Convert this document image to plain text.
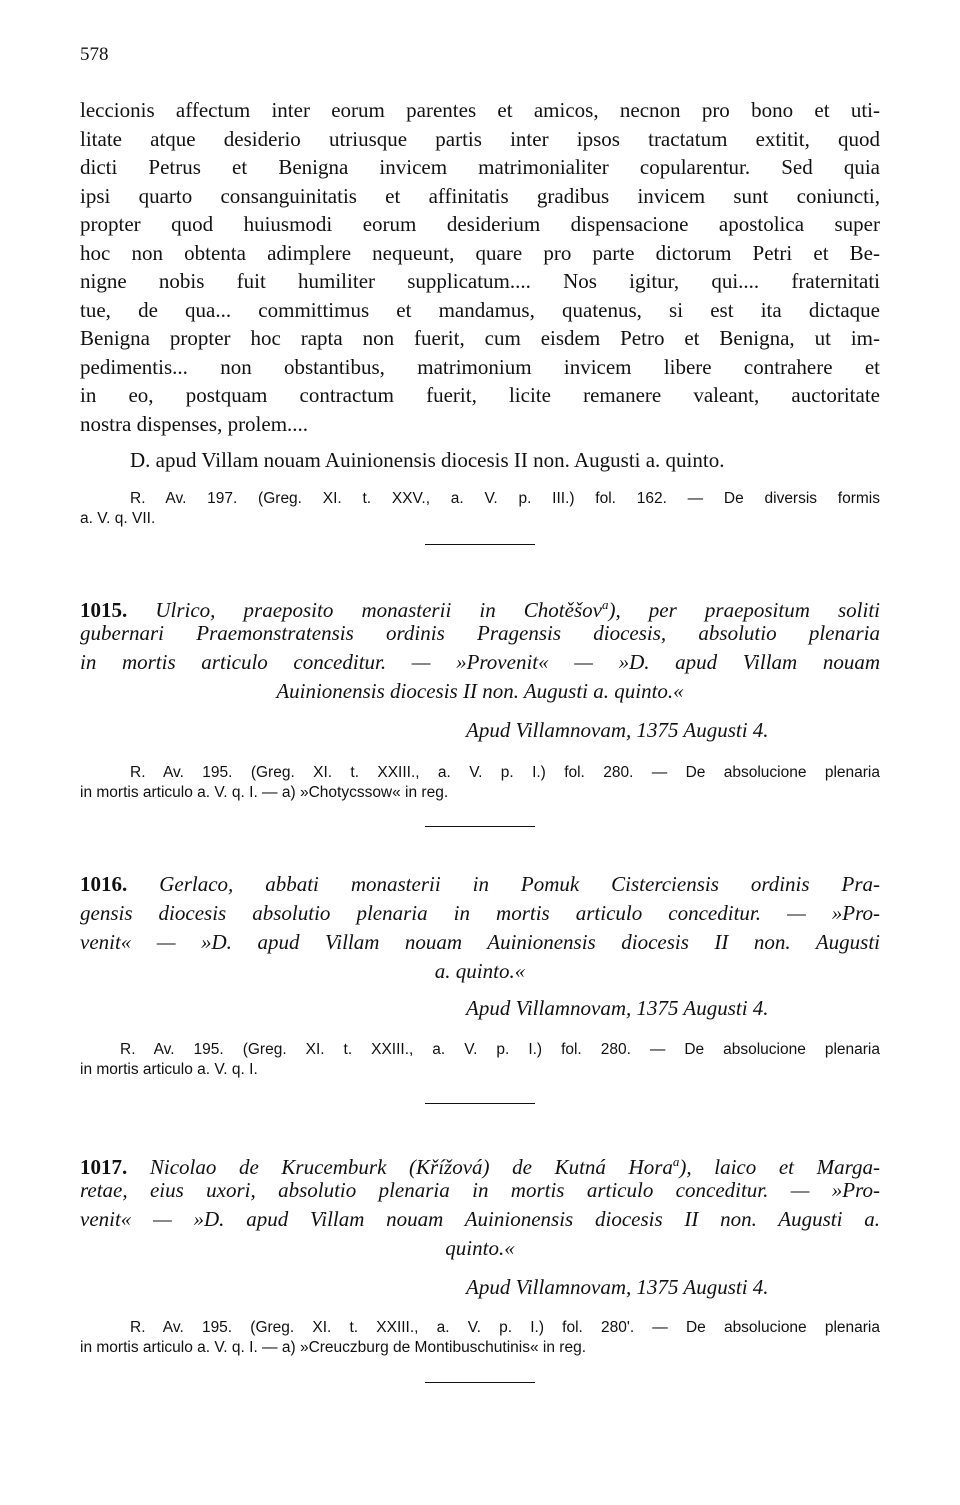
578
leccionis affectum inter eorum parentes et amicos, necnon pro bono et uti-
litate atque desiderio utriusque partis inter ipsos tractatum extitit, quod
dicti Petrus et Benigna invicem matrimonialiter copularentur. Sed quia
ipsi quarto consanguinitatis et affinitatis gradibus invicem sunt coniuncti,
propter quod huiusmodi eorum desiderium dispensacione apostolica super
hoc non obtenta adimplere nequeunt, quare pro parte dictorum Petri et Be-
nigne nobis fuit humiliter supplicatum.... Nos igitur, qui.... fraternitati
tue, de qua... committimus et mandamus, quatenus, si est ita dictaque
Benigna propter hoc rapta non fuerit, cum eisdem Petro et Benigna, ut im-
pedimentis... non obstantibus, matrimonium invicem libere contrahere et
in eo, postquam contractum fuerit, licite remanere valeant, auctoritate
nostra dispenses, prolem....
D. apud Villam nouam Auinionensis diocesis II non. Augusti a. quinto.
R. Av. 197. (Greg. XI. t. XXV., a. V. p. III.) fol. 162. — De diversis formis
a. V. q. VII.
1015. Ulrico, praeposito monasterii in Chotěšov$^a$), per praepositum soliti
gubernari Praemonstratensis ordinis Pragensis diocesis, absolutio plenaria
in mortis articulo conceditur. — »Provenit« — »D. apud Villam nouam
Auinionensis diocesis II non. Augusti a. quinto.«
Apud Villamnovam, 1375 Augusti 4.
R. Av. 195. (Greg. XI. t. XXIII., a. V. p. I.) fol. 280. — De absolucione plenaria
in mortis articulo a. V. q. I. — a) »Chotycssow« in reg.
1016. Gerlaco, abbati monasterii in Pomuk Cisterciensis ordinis Pra-
gensis diocesis absolutio plenaria in mortis articulo conceditur. — »Pro-
venit« — »D. apud Villam nouam Auinionensis diocesis II non. Augusti
a. quinto.«
Apud Villamnovam, 1375 Augusti 4.
R. Av. 195. (Greg. XI. t. XXIII., a. V. p. I.) fol. 280. — De absolucione plenaria
in mortis articulo a. V. q. I.
1017. Nicolao de Krucemburk (Křížová) de Kutná Hora$^a$), laico et Marga-
retae, eius uxori, absolutio plenaria in mortis articulo conceditur. — »Pro-
venit« — »D. apud Villam nouam Auinionensis diocesis II non. Augusti a.
quinto.«
Apud Villamnovam, 1375 Augusti 4.
R. Av. 195. (Greg. XI. t. XXIII., a. V. p. I.) fol. 280'. — De absolucione plenaria
in mortis articulo a. V. q. I. — a) »Creuczburg de Montibuschutinis« in reg.
